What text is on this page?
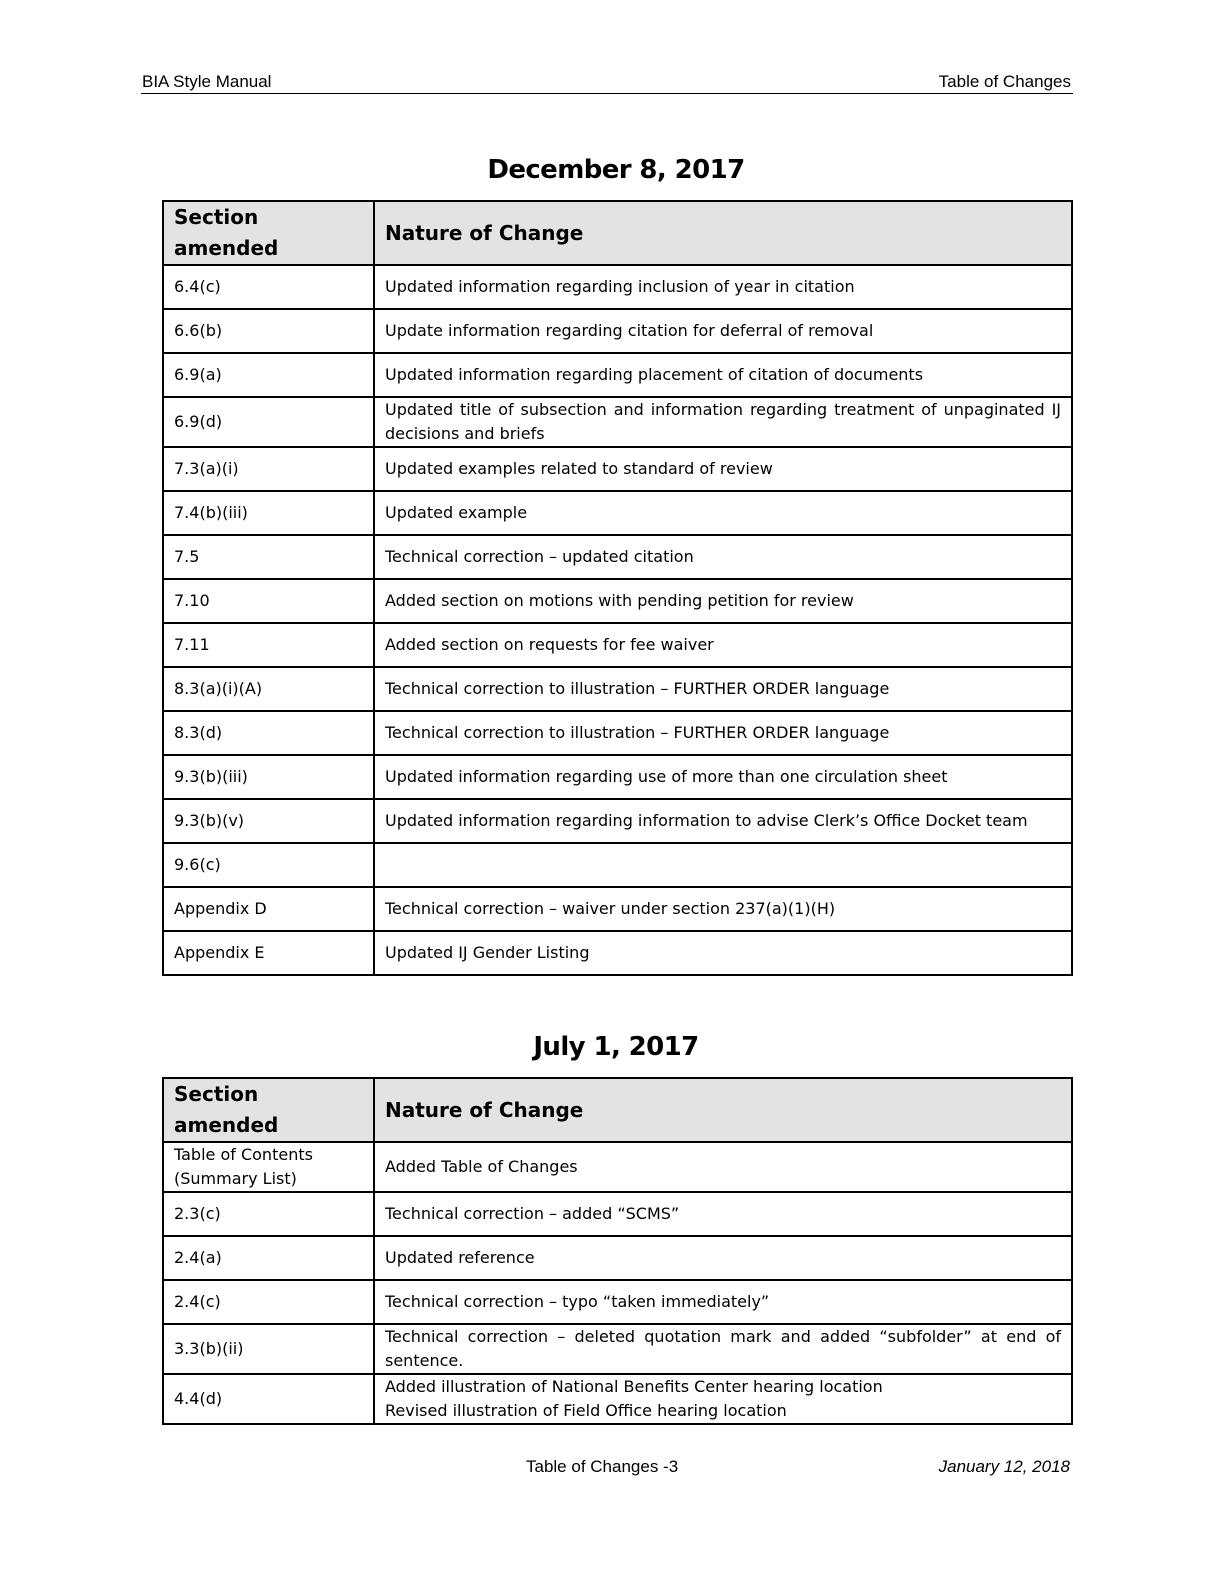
BIA Style Manual	Table of Changes
December 8, 2017
Section amended	Nature of Change
6.4(c)	Updated information regarding inclusion of year in citation
6.6(b)	Update information regarding citation for deferral of removal
6.9(a)	Updated information regarding placement of citation of documents
6.9(d)	Updated title of subsection and information regarding treatment of unpaginated IJ decisions and briefs
7.3(a)(i)	Updated examples related to standard of review
7.4(b)(iii)	Updated example
7.5	Technical correction – updated citation
7.10	Added section on motions with pending petition for review
7.11	Added section on requests for fee waiver
8.3(a)(i)(A)	Technical correction to illustration – FURTHER ORDER language
8.3(d)	Technical correction to illustration – FURTHER ORDER language
9.3(b)(iii)	Updated information regarding use of more than one circulation sheet
9.3(b)(v)	Updated information regarding information to advise Clerk’s Office Docket team
9.6(c)	
Appendix D	Technical correction – waiver under section 237(a)(1)(H)
Appendix E	Updated IJ Gender Listing
July 1, 2017
Section amended	Nature of Change
Table of Contents (Summary List)	Added Table of Changes
2.3(c)	Technical correction – added “SCMS”
2.4(a)	Updated reference
2.4(c)	Technical correction – typo “taken immediately”
3.3(b)(ii)	Technical correction – deleted quotation mark and added “subfolder” at end of sentence.
4.4(d)	Added illustration of National Benefits Center hearing location
Revised illustration of Field Office hearing location
Table of Changes -3	January 12, 2018
